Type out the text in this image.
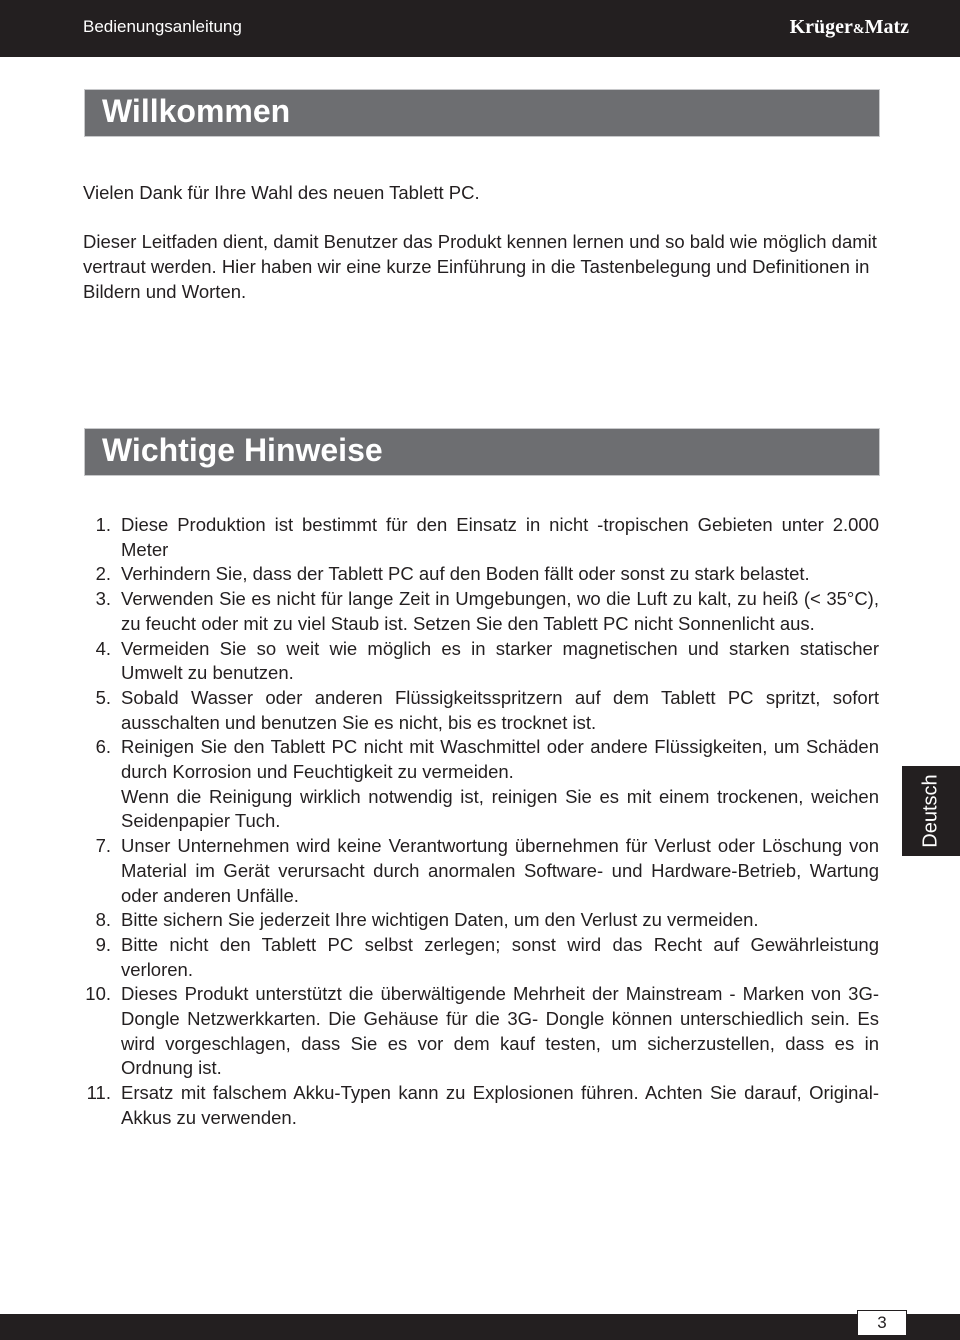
Bedienungsanleitung	Krüger&Matz
Willkommen

Vielen Dank für Ihre Wahl des neuen Tablett PC.

Dieser Leitfaden dient, damit Benutzer das Produkt kennen lernen und so bald wie möglich damit vertraut werden. Hier haben wir eine kurze Einführung in die Tastenbelegung und Definitionen in Bildern und Worten.

Wichtige Hinweise
1. Diese Produktion ist bestimmt für den Einsatz in nicht -tropischen Gebieten unter 2.000 Meter
2. Verhindern Sie, dass der Tablett PC auf den Boden fällt oder sonst zu stark belastet.
3. Verwenden Sie es nicht für lange Zeit in Umgebungen, wo die Luft zu kalt, zu heiß (< 35°C), zu feucht oder mit zu viel Staub ist. Setzen Sie den Tablett PC nicht Sonnenlicht aus.
4. Vermeiden Sie so weit wie möglich es in starker magnetischen und starken statischer Umwelt zu benutzen.
5. Sobald Wasser oder anderen Flüssigkeitsspritzern auf dem Tablett PC spritzt, sofort ausschalten und benutzen Sie es nicht, bis es trocknet ist.
6. Reinigen Sie den Tablett PC nicht mit Waschmittel oder andere Flüssigkeiten, um Schäden durch Korrosion und Feuchtigkeit zu vermeiden.
Wenn die Reinigung wirklich notwendig ist, reinigen Sie es mit einem trockenen, weichen Seidenpapier Tuch.
7. Unser Unternehmen wird keine Verantwortung übernehmen für Verlust oder Löschung von Material im Gerät verursacht durch anormalen Software- und Hardware-Betrieb, Wartung oder anderen Unfälle.
8. Bitte sichern Sie jederzeit Ihre wichtigen Daten, um den Verlust zu vermeiden.
9. Bitte nicht den Tablett PC selbst zerlegen; sonst wird das Recht auf Gewährleistung verloren.
10. Dieses Produkt unterstützt die überwältigende Mehrheit der Mainstream - Marken von 3G- Dongle Netzwerkkarten. Die Gehäuse für die 3G- Dongle können unterschiedlich sein. Es wird vorgeschlagen, dass Sie es vor dem kauf testen, um sicherzustellen, dass es in Ordnung ist.
11. Ersatz mit falschem Akku-Typen kann zu Explosionen führen. Achten Sie darauf, Original-Akkus zu verwenden.
Deutsch
3
